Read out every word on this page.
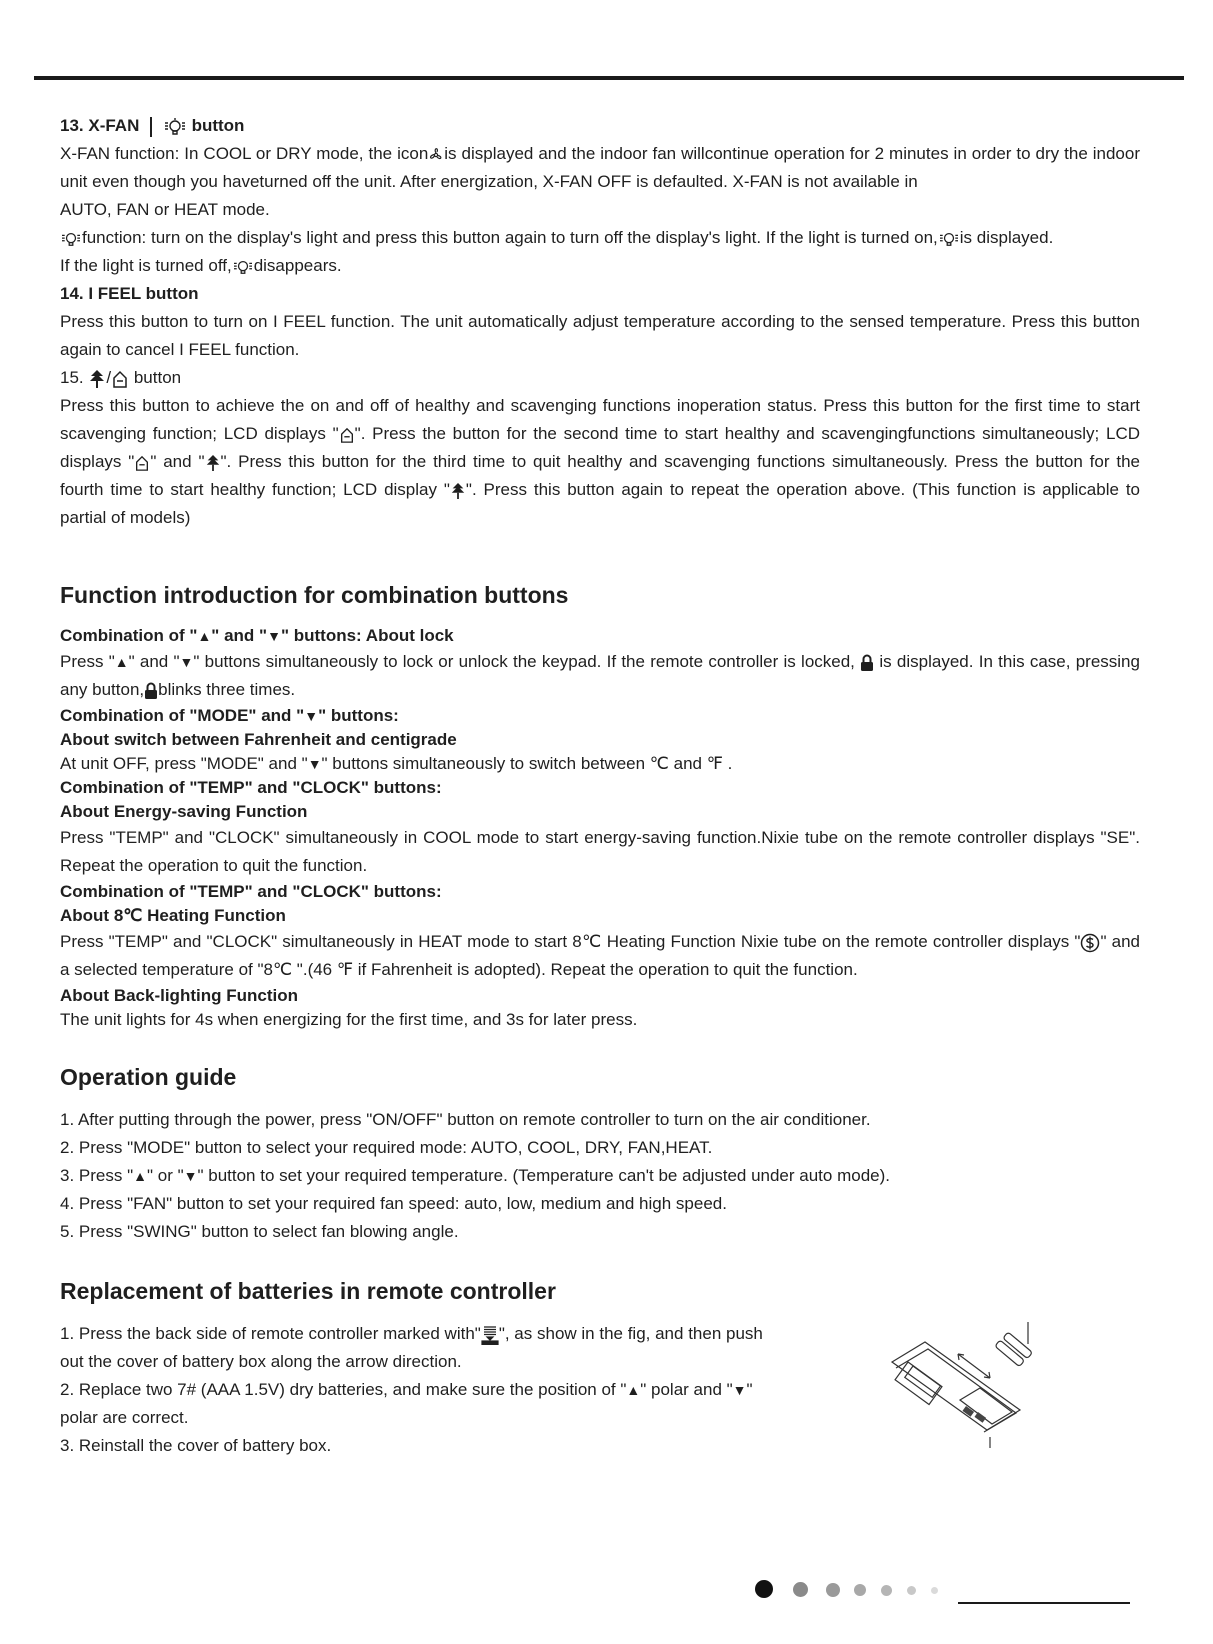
13. X-FAN	button

X-FAN function: In COOL or DRY mode, the icon is displayed and the indoor fan willcontinue operation for 2 minutes in order to dry the indoor unit even though you haveturned off the unit. After energization, X-FAN OFF is defaulted. X-FAN is not available in

AUTO, FAN or HEAT mode.

function: turn on the display's light and press this button again to turn off the display's light. If the light is turned on, is displayed.

If the light is turned off, disappears.

14. I FEEL button

Press this button to turn on I FEEL function. The unit automatically adjust temperature according to the sensed temperature. Press this button again to cancel I FEEL function.

15. / button

Press this button to achieve the on and off of healthy and scavenging functions inoperation status. Press this button for the first time to start scavenging function; LCD displays " ". Press the button for the second time to start healthy and scavengingfunctions simultaneously; LCD displays " " and " ". Press this button for the third time to quit healthy and scavenging functions simultaneously. Press the button for the fourth time to start healthy function; LCD display " ". Press this button again to repeat the operation above. (This function is applicable to partial of models)

Function introduction for combination buttons

Combination of "▲" and "▼" buttons: About lock

Press "▲" and "▼" buttons simultaneously to lock or unlock the keypad. If the remote controller is locked, is displayed. In this case, pressing any button, blinks three times.

Combination of "MODE" and "▼" buttons:

About switch between Fahrenheit and centigrade

At unit OFF, press "MODE" and "▼" buttons simultaneously to switch between ℃ and ℉ .

Combination of "TEMP" and "CLOCK" buttons:

About Energy-saving Function

Press "TEMP" and "CLOCK" simultaneously in COOL mode to start energy-saving function.Nixie tube on the remote controller displays "SE". Repeat the operation to quit the function.

Combination of "TEMP" and "CLOCK" buttons:

About 8℃ Heating Function

Press "TEMP" and "CLOCK" simultaneously in HEAT mode to start 8℃ Heating Function Nixie tube on the remote controller displays " " and a selected temperature of "8℃ ".(46 ℉ if Fahrenheit is adopted). Repeat the operation to quit the function.

About Back-lighting Function

The unit lights for 4s when energizing for the first time, and 3s for later press.

Operation guide

1. After putting through the power, press "ON/OFF" button on remote controller to turn on the air conditioner.

2. Press "MODE" button to select your required mode: AUTO, COOL, DRY, FAN,HEAT.

3. Press "▲" or "▼" button to set your required temperature. (Temperature can't be adjusted under auto mode).

4. Press "FAN" button to set your required fan speed: auto, low, medium and high speed.

5. Press "SWING" button to select fan blowing angle.

Replacement of batteries in remote controller

1. Press the back side of remote controller marked with" ", as show in the fig, and then push out the cover of battery box along the arrow direction.

2. Replace two 7# (AAA 1.5V) dry batteries, and make sure the position of "▲" polar and "▼" polar are correct.

3. Reinstall the cover of battery box.
